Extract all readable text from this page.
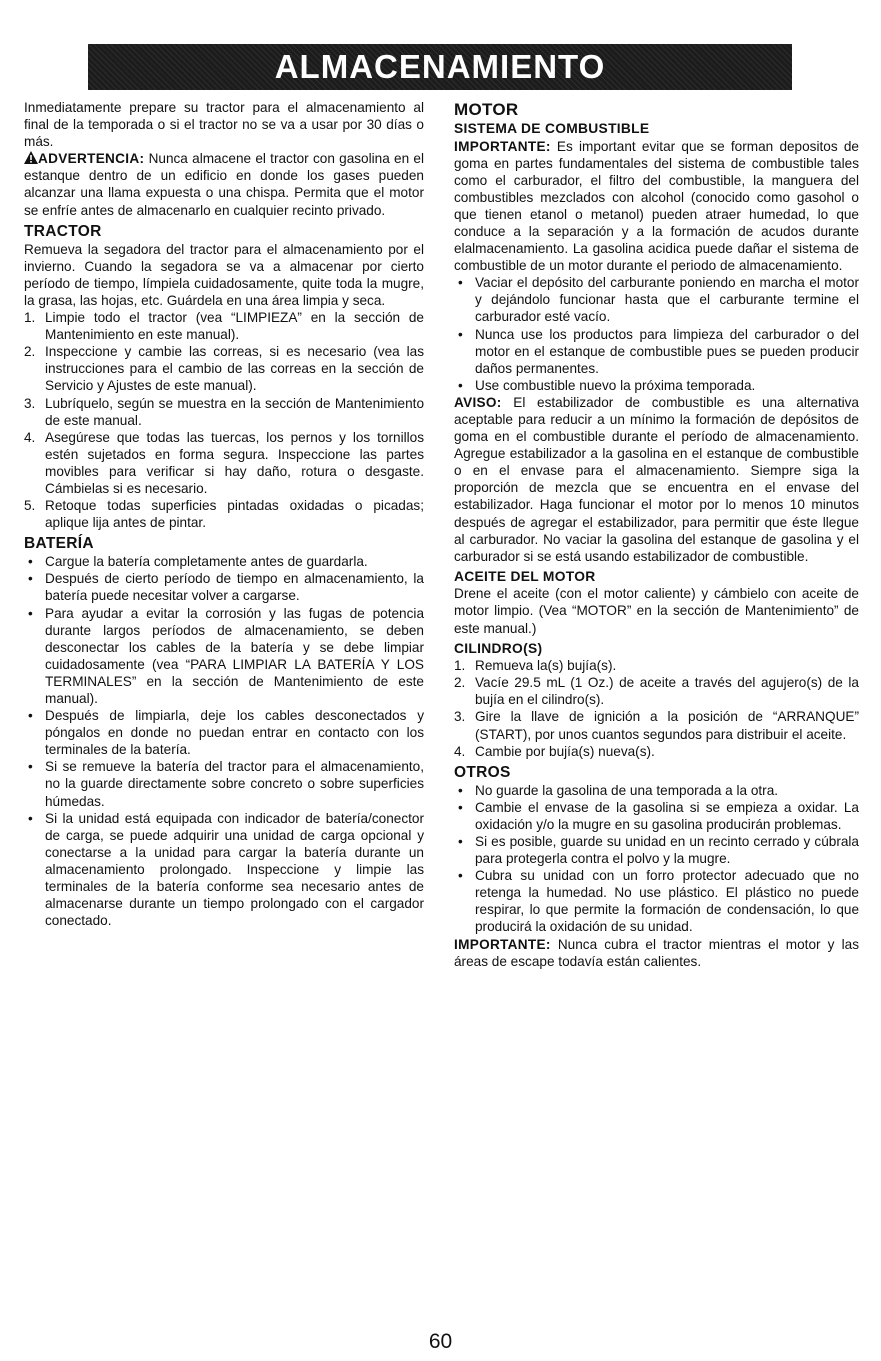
ALMACENAMIENTO

Inmediatamente prepare su tractor para el almacenamiento al final de la temporada o si el tractor no se va a usar por 30 días o más.

ADVERTENCIA: Nunca almacene el tractor con gasolina en el estanque dentro de un edificio en donde los gases pueden alcanzar una llama expuesta o una chispa. Permita que el motor se enfríe antes de almacenarlo en cualquier recinto privado.

TRACTOR

Remueva la segadora del tractor para el almacenamiento por el invierno. Cuando la segadora se va a almacenar por cierto período de tiempo, límpiela cuidadosamente, quite toda la mugre, la grasa, las hojas, etc. Guárdela en una área limpia y seca.

1. Limpie todo el tractor (vea “LIMPIEZA” en la sección de Mantenimiento en este manual).
2. Inspeccione y cambie las correas, si es necesario (vea las instrucciones para el cambio de las correas en la sección de Servicio y Ajustes de este manual).
3. Lubríquelo, según se muestra en la sección de Mantenimiento de este manual.
4. Asegúrese que todas las tuercas, los pernos y los tornillos estén sujetados en forma segura. Inspeccione las partes movibles para verificar si hay daño, rotura o desgaste. Cámbielas si es necesario.
5. Retoque todas superficies pintadas oxidadas o picadas; aplique lija antes de pintar.
BATERÍA
• Cargue la batería completamente antes de guardarla.
• Después de cierto período de tiempo en almacenamiento, la batería puede necesitar volver a cargarse.
• Para ayudar a evitar la corrosión y las fugas de potencia durante largos períodos de almacenamiento, se deben desconectar los cables de la batería y se debe limpiar cuidadosamente (vea “PARA LIMPIAR LA BATERÍA Y LOS TERMINALES” en la sección de Mantenimiento de este manual).
• Después de limpiarla, deje los cables desconectados y póngalos en donde no puedan entrar en contacto con los terminales de la batería.
• Si se remueve la batería del tractor para el almacenamiento, no la guarde directamente sobre concreto o sobre superficies húmedas.
• Si la unidad está equipada con indicador de batería/conector de carga, se puede adquirir una unidad de carga opcional y conectarse a la unidad para cargar la batería durante un almacenamiento prolongado. Inspeccione y limpie las terminales de la batería conforme sea necesario antes de almacenarse durante un tiempo prolongado con el cargador conectado.
MOTOR
SISTEMA DE COMBUSTIBLE

IMPORTANTE: Es important evitar que se forman depositos de goma en partes fundamentales del sistema de combustible tales como el carburador, el filtro del combustible, la manguera del combustibles mezclados con alcohol (conocido como gasohol o que tienen etanol o metanol) pueden atraer humedad, lo que conduce a la separación y a la formación de acudos durante elalmacenamiento. La gasolina acidica puede dañar el sistema de combustible de un motor durante el periodo de almacenamiento.

• Vaciar el depósito del carburante poniendo en marcha el motor y dejándolo funcionar hasta que el carburante termine el carburador esté vacío.
• Nunca use los productos para limpieza del carburador o del motor en el estanque de combustible pues se pueden producir daños permanentes.
• Use combustible nuevo la próxima temporada.

AVISO: El estabilizador de combustible es una alternativa aceptable para reducir a un mínimo la formación de depósitos de goma en el combustible durante el período de almacenamiento. Agregue estabilizador a la gasolina en el estanque de combustible o en el envase para el almacenamiento. Siempre siga la proporción de mezcla que se encuentra en el envase del estabilizador. Haga funcionar el motor por lo menos 10 minutos después de agregar el estabilizador, para permitir que éste llegue al carburador. No vaciar la gasolina del estanque de gasolina y el carburador si se está usando estabilizador de combustible.

ACEITE DEL MOTOR

Drene el aceite (con el motor caliente) y cámbielo con aceite de motor limpio. (Vea “MOTOR” en la sección de Mantenimiento” de este manual.)

CILINDRO(S)
1. Remueva la(s) bujía(s).
2. Vacíe 29.5 mL (1 Oz.) de aceite a través del agujero(s) de la bujía en el cilindro(s).
3. Gire la llave de ignición a la posición de “ARRANQUE” (START), por unos cuantos segundos para distribuir el aceite.
4. Cambie por bujía(s) nueva(s).
OTROS
• No guarde la gasolina de una temporada a la otra.
• Cambie el envase de la gasolina si se empieza a oxidar. La oxidación y/o la mugre en su gasolina producirán problemas.
• Si es posible, guarde su unidad en un recinto cerrado y cúbrala para protegerla contra el polvo y la mugre.
• Cubra su unidad con un forro protector adecuado que no retenga la humedad. No use plástico. El plástico no puede respirar, lo que permite la formación de condensación, lo que producirá la oxidación de su unidad.

IMPORTANTE: Nunca cubra el tractor mientras el motor y las áreas de escape todavía están calientes.

60
